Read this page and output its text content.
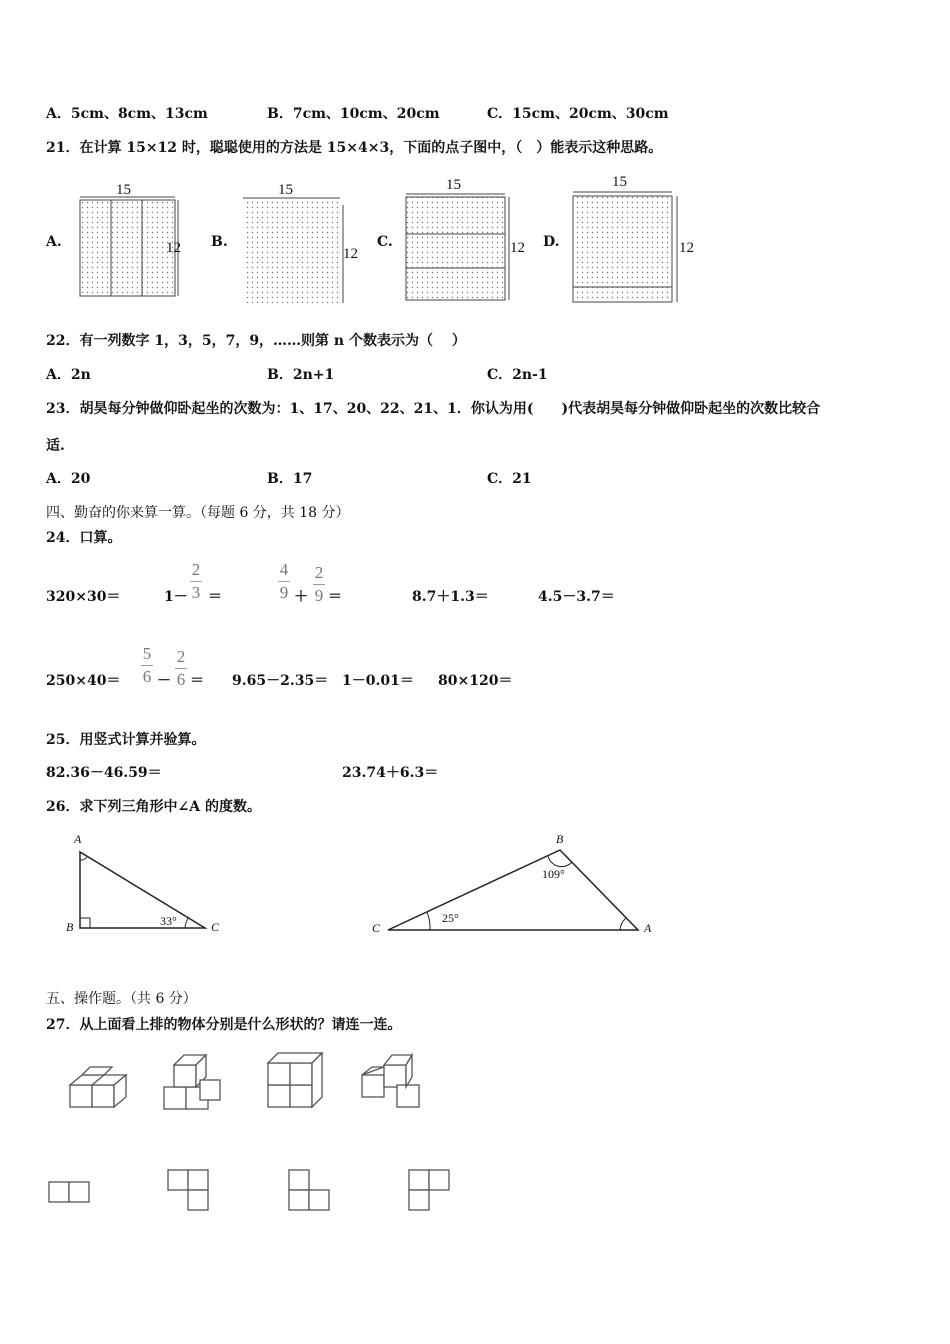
A．5cm、8cm、13cm	B．7cm、10cm、20cm	C．15cm、20cm、30cm
21．在计算 15×12 时，聪聪使用的方法是 15×4×3，下面的点子图中，（　）能表示这种思路。
A.	B.	C.	D.
15
12
15
12
15
12
15
12
22．有一列数字 1，3，5，7，9，……则第 n 个数表示为（　 ）
A．2n	B．2n+1	C．2n-1
23．胡昊每分钟做仰卧起坐的次数为：1、17、20、22、21、1．你认为用(　　)代表胡昊每分钟做仰卧起坐的次数比较合
适.
A．20	B．17	C．21
四、勤奋的你来算一算。（每题 6 分，共 18 分）
24．口算。
320×30＝	1－
2
3 ＝
4
9 ＋
2
9 ＝	8.7＋1.3＝	4.5－3.7＝
250×40＝
5
6 －
2
6 ＝ 9.65－2.35＝ 1－0.01＝ 80×120＝
25．用竖式计算并验算。
82.36－46.59＝	23.74＋6.3＝
26．求下列三角形中∠A 的度数。
A
B	C
33°
B
C	A
109°
25°
五、操作题。（共 6 分）
27．从上面看上排的物体分别是什么形状的？请连一连。
